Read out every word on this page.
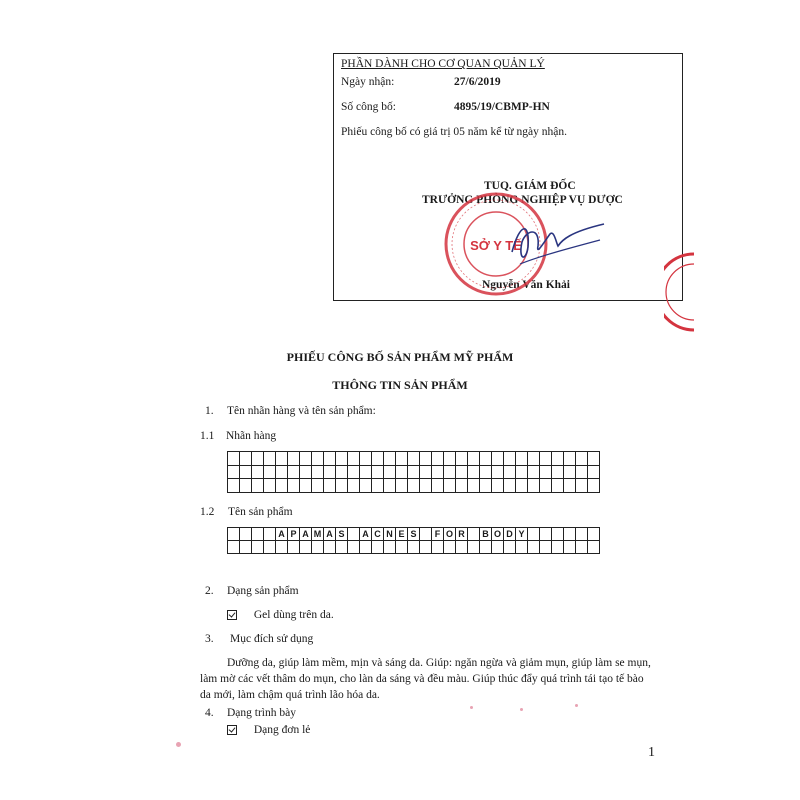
PHẦN DÀNH CHO CƠ QUAN QUẢN LÝ
Ngày nhận:	27/6/2019
Số công bố:	4895/19/CBMP-HN
Phiếu công bố có giá trị 05 năm kể từ ngày nhận.
TUQ. GIÁM ĐỐC
TRƯỞNG PHÒNG NGHIỆP VỤ DƯỢC
Nguyễn Văn Khải
SỞ Y TẾ
PHIẾU CÔNG BỐ SẢN PHẨM MỸ PHẨM
THÔNG TIN SẢN PHẨM
1. Tên nhãn hàng và tên sản phẩm:
1.1 Nhãn hàng
1.2 Tên sản phẩm
A P A M A S	A C N E S	F O R	B O D Y
2. Dạng sản phẩm
Gel dùng trên da.
3. Mục đích sử dụng
Dưỡng da, giúp làm mềm, mịn và sáng da. Giúp: ngăn ngừa và giảm mụn, giúp làm se mụn,
làm mờ các vết thâm do mụn, cho làn da sáng và đều màu. Giúp thúc đẩy quá trình tái tạo tế bào
da mới, làm chậm quá trình lão hóa da.
4. Dạng trình bày
Dạng đơn lẻ
1
